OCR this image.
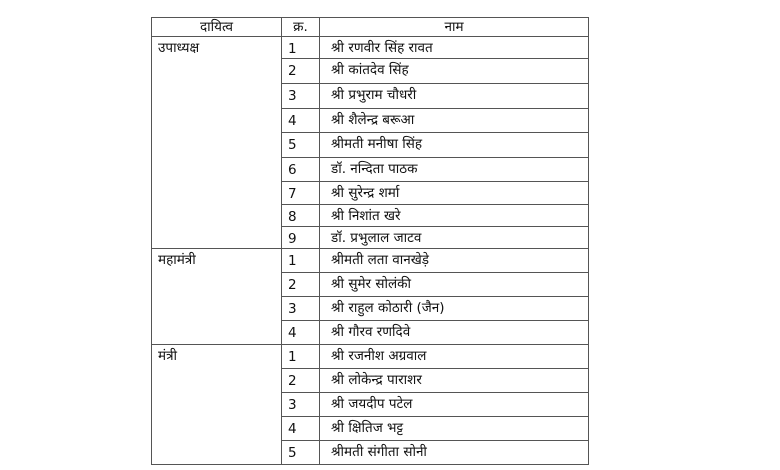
दायित्व	क्र.	नाम
उपाध्यक्ष	1	श्री रणवीर सिंह रावत
	2	श्री कांतदेव सिंह
	3	श्री प्रभुराम चौधरी
	4	श्री शैलेन्द्र बरूआ
	5	श्रीमती मनीषा सिंह
	6	डॉ. नन्दिता पाठक
	7	श्री सुरेन्द्र शर्मा
	8	श्री निशांत खरे
	9	डॉ. प्रभुलाल जाटव
महामंत्री	1	श्रीमती लता वानखेड़े
	2	श्री सुमेर सोलंकी
	3	श्री राहुल कोठारी (जैन)
	4	श्री गौरव रणदिवे
मंत्री	1	श्री रजनीश अग्रवाल
	2	श्री लोकेन्द्र पाराशर
	3	श्री जयदीप पटेल
	4	श्री क्षितिज भट्ट
	5	श्रीमती संगीता सोनी
